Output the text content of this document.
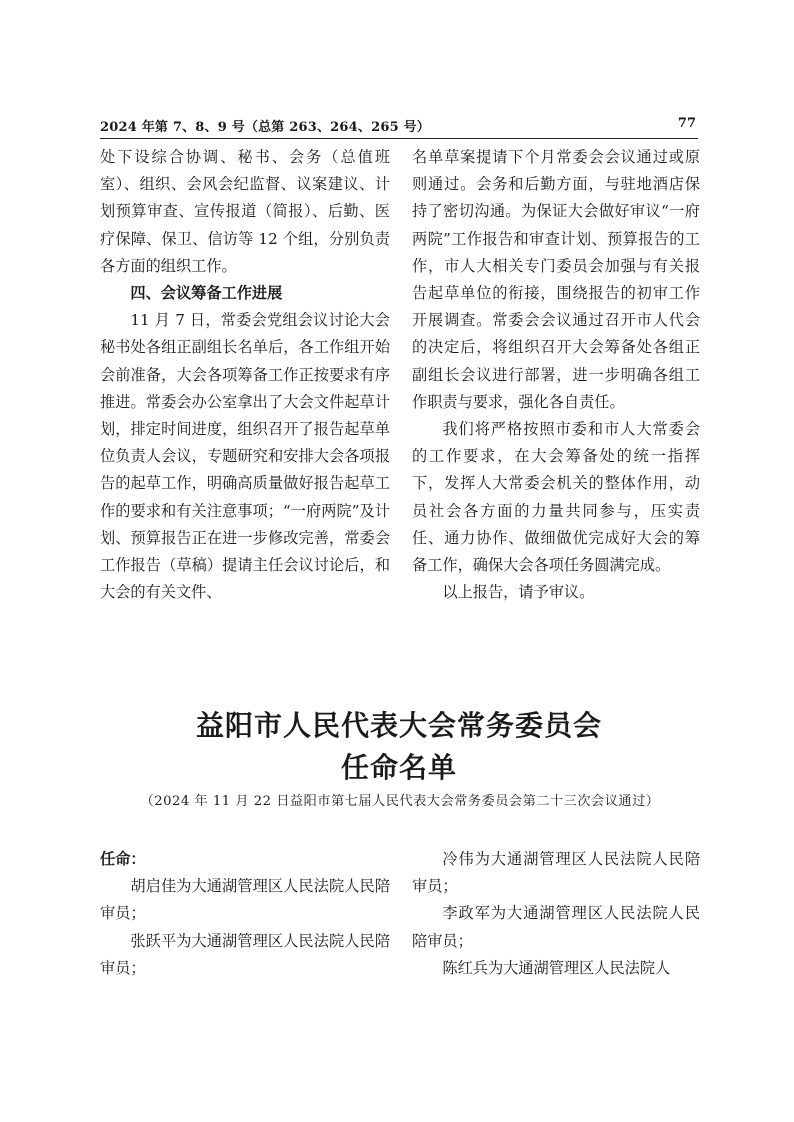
2024 年第 7、8、9 号（总第 263、264、265 号）	77

处下设综合协调、秘书、会务（总值班室）、组织、会风会纪监督、议案建议、计划预算审查、宣传报道（简报）、后勤、医疗保障、保卫、信访等 12 个组，分别负责各方面的组织工作。

四、会议筹备工作进展

11 月 7 日，常委会党组会议讨论大会秘书处各组正副组长名单后，各工作组开始会前准备，大会各项筹备工作正按要求有序推进。常委会办公室拿出了大会文件起草计划，排定时间进度，组织召开了报告起草单位负责人会议，专题研究和安排大会各项报告的起草工作，明确高质量做好报告起草工作的要求和有关注意事项；“一府两院”及计划、预算报告正在进一步修改完善，常委会工作报告（草稿）提请主任会议讨论后，和大会的有关文件、

名单草案提请下个月常委会会议通过或原则通过。会务和后勤方面，与驻地酒店保持了密切沟通。为保证大会做好审议“一府两院”工作报告和审查计划、预算报告的工作，市人大相关专门委员会加强与有关报告起草单位的衔接，围绕报告的初审工作开展调查。常委会会议通过召开市人代会的决定后，将组织召开大会筹备处各组正副组长会议进行部署，进一步明确各组工作职责与要求，强化各自责任。

我们将严格按照市委和市人大常委会的工作要求，在大会筹备处的统一指挥下，发挥人大常委会机关的整体作用，动员社会各方面的力量共同参与，压实责任、通力协作、做细做优完成好大会的筹备工作，确保大会各项任务圆满完成。

以上报告，请予审议。

益阳市人民代表大会常务委员会
任命名单
（2024 年 11 月 22 日益阳市第七届人民代表大会常务委员会第二十三次会议通过）

任命：

胡启佳为大通湖管理区人民法院人民陪审员；

张跃平为大通湖管理区人民法院人民陪审员；

冷伟为大通湖管理区人民法院人民陪审员；

李政军为大通湖管理区人民法院人民陪审员；

陈红兵为大通湖管理区人民法院人
